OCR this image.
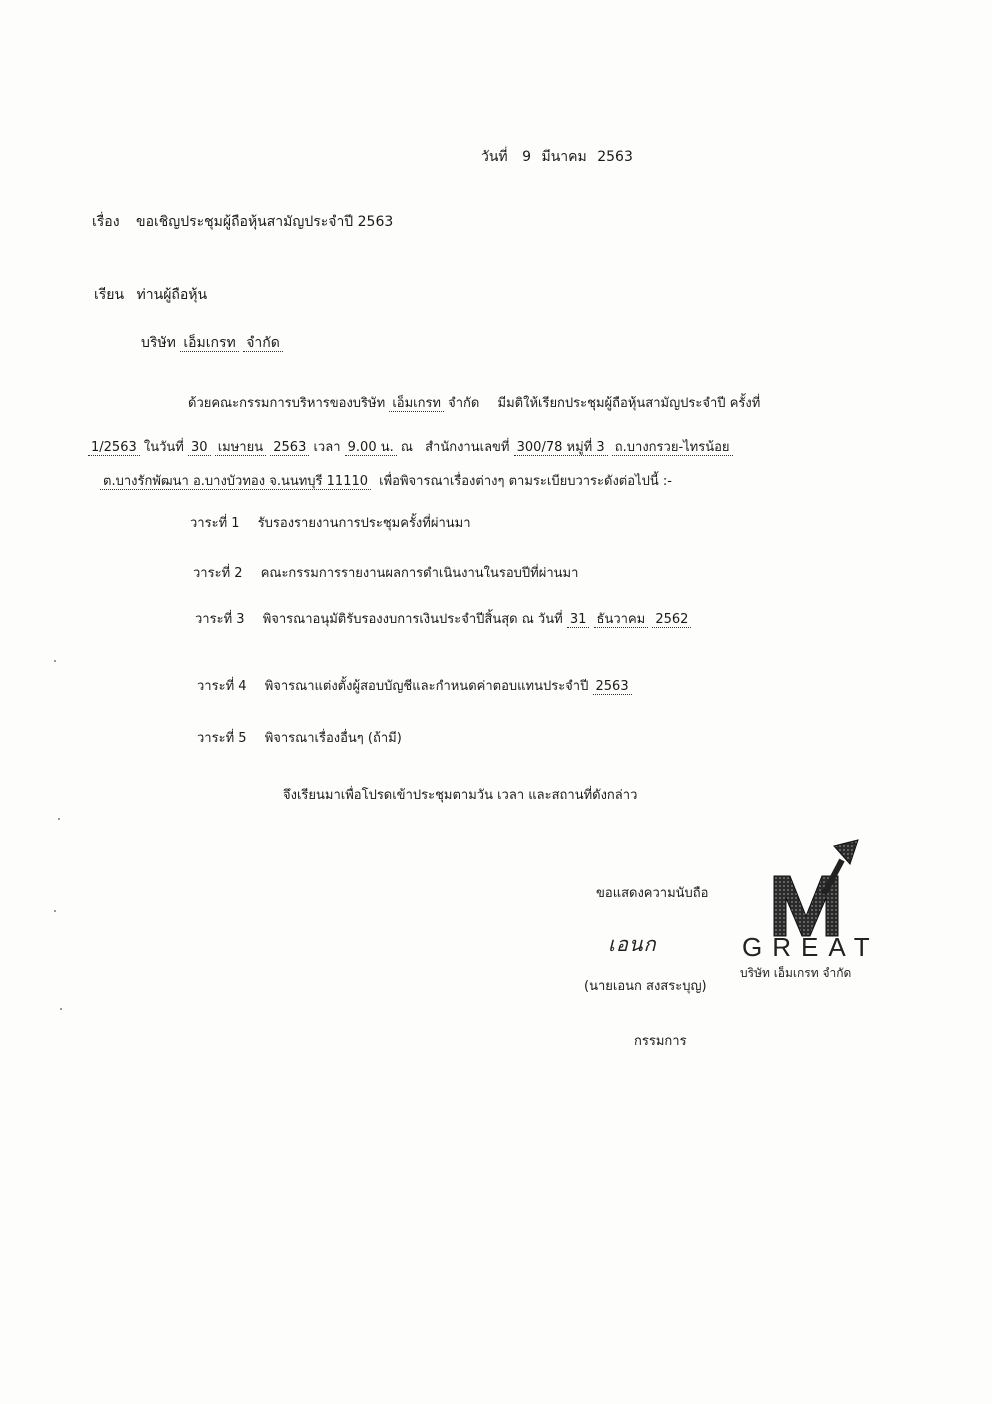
วันที่ 9 มีนาคม 2563
เรื่อง ขอเชิญประชุมผู้ถือหุ้นสามัญประจำปี 2563
เรียน ท่านผู้ถือหุ้น
บริษัท เอ็มเกรท จำกัด
ด้วยคณะกรรมการบริหารของบริษัท เอ็มเกรท จำกัด มีมติให้เรียกประชุมผู้ถือหุ้นสามัญประจำปี ครั้งที่
1/2563 ในวันที่ 30 เมษายน 2563 เวลา 9.00 น. ณ สำนักงานเลขที่ 300/78 หมู่ที่ 3 ถ.บางกรวย-ไทรน้อย
ต.บางรักพัฒนา อ.บางบัวทอง จ.นนทบุรี 11110 เพื่อพิจารณาเรื่องต่างๆ ตามระเบียบวาระดังต่อไปนี้ :-
วาระที่ 1 รับรองรายงานการประชุมครั้งที่ผ่านมา
วาระที่ 2 คณะกรรมการรายงานผลการดำเนินงานในรอบปีที่ผ่านมา
วาระที่ 3 พิจารณาอนุมัติรับรองงบการเงินประจำปีสิ้นสุด ณ วันที่ 31 ธันวาคม 2562
วาระที่ 4 พิจารณาแต่งตั้งผู้สอบบัญชีและกำหนดค่าตอบแทนประจำปี 2563
วาระที่ 5 พิจารณาเรื่องอื่นๆ (ถ้ามี)
จึงเรียนมาเพื่อโปรดเข้าประชุมตามวัน เวลา และสถานที่ดังกล่าว
ขอแสดงความนับถือ
เอนก
(นายเอนก สงสระบุญ)
กรรมการ
GREAT
บริษัท เอ็มเกรท จำกัด
